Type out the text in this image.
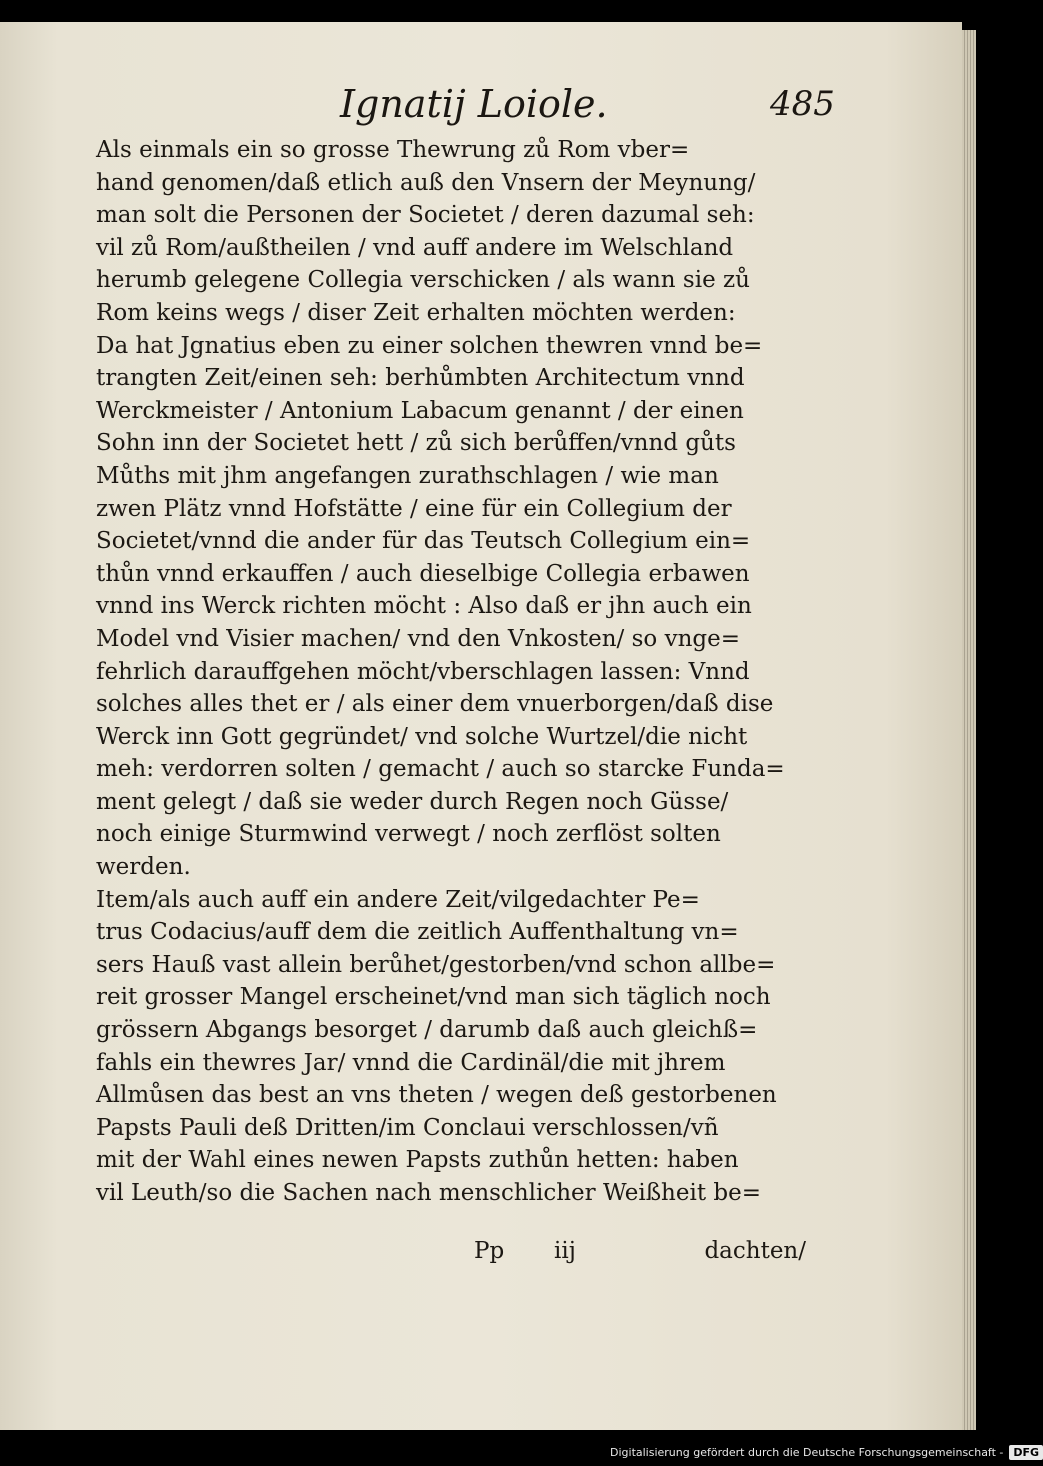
Ignatij Loiole.	485
Als einmals ein so grosse Thewrung zů Rom vber=
hand genomen/daß etlich auß den Vnsern der Meynung/
man solt die Personen der Societet / deren dazumal seh:
vil zů Rom/außtheilen / vnd auff andere im Welschland
herumb gelegene Collegia verschicken / als wann sie zů
Rom keins wegs / diser Zeit erhalten möchten werden:
Da hat Jgnatius eben zu einer solchen thewren vnnd be=
trangten Zeit/einen seh: berhůmbten Architectum vnnd
Werckmeister / Antonium Labacum genannt / der einen
Sohn inn der Societet hett / zů sich berůffen/vnnd gůts
Můths mit jhm angefangen zurathschlagen / wie man
zwen Plätz vnnd Hofstätte / eine für ein Collegium der
Societet/vnnd die ander für das Teutsch Collegium ein=
thůn vnnd erkauffen / auch dieselbige Collegia erbawen
vnnd ins Werck richten möcht : Also daß er jhn auch ein
Model vnd Visier machen/ vnd den Vnkosten/ so vnge=
fehrlich darauffgehen möcht/vberschlagen lassen: Vnnd
solches alles thet er / als einer dem vnuerborgen/daß dise
Werck inn Gott gegründet/ vnd solche Wurtzel/die nicht
meh: verdorren solten / gemacht / auch so starcke Funda=
ment gelegt / daß sie weder durch Regen noch Güsse/
noch einige Sturmwind verwegt / noch zerflöst solten
werden.
Item/als auch auff ein andere Zeit/vilgedachter Pe=
trus Codacius/auff dem die zeitlich Auffenthaltung vn=
sers Hauß vast allein berůhet/gestorben/vnd schon allbe=
reit grosser Mangel erscheinet/vnd man sich täglich noch
grössern Abgangs besorget / darumb daß auch gleichß=
fahls ein thewres Jar/ vnnd die Cardinäl/die mit jhrem
Allmůsen das best an vns theten / wegen deß gestorbenen
Papsts Pauli deß Dritten/im Conclaui verschlossen/vñ
mit der Wahl eines newen Papsts zuthůn hetten: haben
vil Leuth/so die Sachen nach menschlicher Weißheit be=
Pp iij	dachten/
Digitalisierung gefördert durch die Deutsche Forschungsgemeinschaft - DFG
